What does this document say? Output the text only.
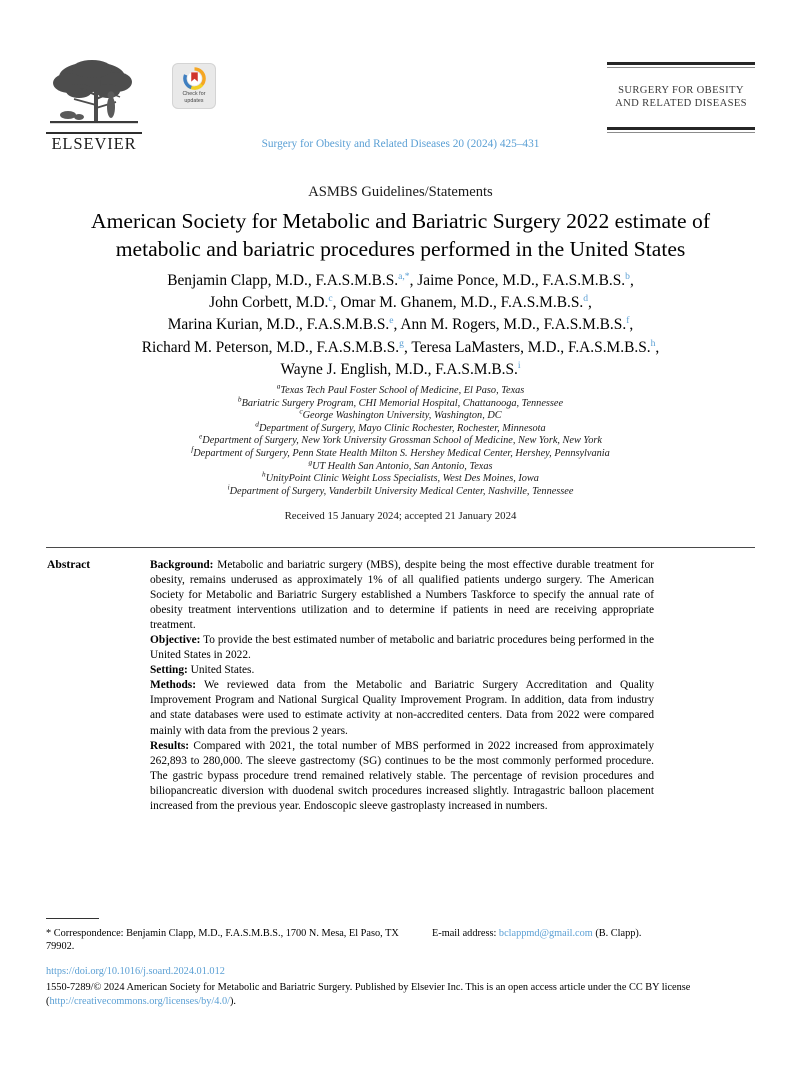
ELSEVIER
Check for
updates
SURGERY FOR OBESITY
AND RELATED DISEASES
Surgery for Obesity and Related Diseases 20 (2024) 425–431
ASMBS Guidelines/Statements
American Society for Metabolic and Bariatric Surgery 2022 estimate of metabolic and bariatric procedures performed in the United States
Benjamin Clapp, M.D., F.A.S.M.B.S.$^{a,*}$, Jaime Ponce, M.D., F.A.S.M.B.S.$^b$,
John Corbett, M.D.$^c$, Omar M. Ghanem, M.D., F.A.S.M.B.S.$^d$,
Marina Kurian, M.D., F.A.S.M.B.S.$^e$, Ann M. Rogers, M.D., F.A.S.M.B.S.$^f$,
Richard M. Peterson, M.D., F.A.S.M.B.S.$^g$, Teresa LaMasters, M.D., F.A.S.M.B.S.$^h$,
Wayne J. English, M.D., F.A.S.M.B.S.$^i$
$^a$Texas Tech Paul Foster School of Medicine, El Paso, Texas
$^b$Bariatric Surgery Program, CHI Memorial Hospital, Chattanooga, Tennessee
$^c$George Washington University, Washington, DC
$^d$Department of Surgery, Mayo Clinic Rochester, Rochester, Minnesota
$^e$Department of Surgery, New York University Grossman School of Medicine, New York, New York
$^f$Department of Surgery, Penn State Health Milton S. Hershey Medical Center, Hershey, Pennsylvania
$^g$UT Health San Antonio, San Antonio, Texas
$^h$UnityPoint Clinic Weight Loss Specialists, West Des Moines, Iowa
$^i$Department of Surgery, Vanderbilt University Medical Center, Nashville, Tennessee
Received 15 January 2024; accepted 21 January 2024
Abstract	Background: Metabolic and bariatric surgery (MBS), despite being the most effective durable treatment for obesity, remains underused as approximately 1% of all qualified patients undergo surgery. The American Society for Metabolic and Bariatric Surgery established a Numbers Taskforce to specify the annual rate of obesity treatment interventions utilization and to determine if patients in need are receiving appropriate treatment.

Objective: To provide the best estimated number of metabolic and bariatric procedures being performed in the United States in 2022.

Setting: United States.

Methods: We reviewed data from the Metabolic and Bariatric Surgery Accreditation and Quality Improvement Program and National Surgical Quality Improvement Program. In addition, data from industry and state databases were used to estimate activity at non-accredited centers. Data from 2022 were compared mainly with data from the previous 2 years.

Results: Compared with 2021, the total number of MBS performed in 2022 increased from approximately 262,893 to 280,000. The sleeve gastrectomy (SG) continues to be the most commonly performed procedure. The gastric bypass procedure trend remained relatively stable. The percentage of revision procedures and biliopancreatic diversion with duodenal switch procedures increased slightly. Intragastric balloon placement increased from the previous year. Endoscopic sleeve gastroplasty increased in numbers.

* Correspondence: Benjamin Clapp, M.D., F.A.S.M.B.S., 1700 N. Mesa, El Paso, TX 79902.
E-mail address: bclappmd@gmail.com (B. Clapp).
https://doi.org/10.1016/j.soard.2024.01.012
1550-7289/© 2024 American Society for Metabolic and Bariatric Surgery. Published by Elsevier Inc. This is an open access article under the CC BY license (http://creativecommons.org/licenses/by/4.0/).
